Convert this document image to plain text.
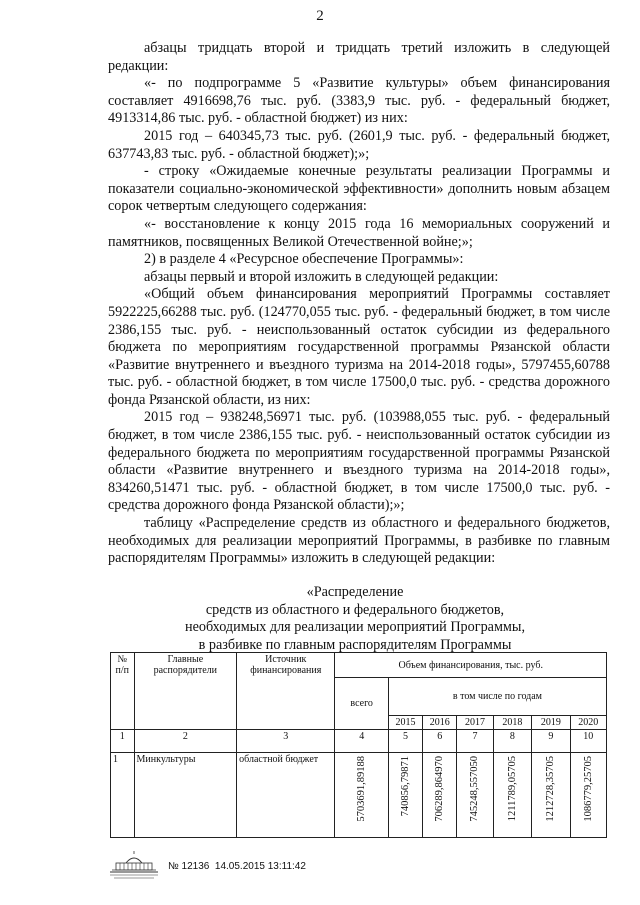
2

абзацы тридцать второй и тридцать третий изложить в следующей редакции:

«- по подпрограмме 5 «Развитие культуры» объем финансирования составляет 4916698,76 тыс. руб. (3383,9 тыс. руб. - федеральный бюджет, 4913314,86 тыс. руб. - областной бюджет) из них:

2015 год – 640345,73 тыс. руб. (2601,9 тыс. руб. - федеральный бюджет, 637743,83 тыс. руб. - областной бюджет);»;

- строку «Ожидаемые конечные результаты реализации Программы и показатели социально-экономической эффективности» дополнить новым абзацем сорок четвертым следующего содержания:

«- восстановление к концу 2015 года 16 мемориальных сооружений и памятников, посвященных Великой Отечественной войне;»;

2) в разделе 4 «Ресурсное обеспечение Программы»:

абзацы первый и второй изложить в следующей редакции:

«Общий объем финансирования мероприятий Программы составляет 5922225,66288 тыс. руб. (124770,055 тыс. руб. - федеральный бюджет, в том числе 2386,155 тыс. руб. - неиспользованный остаток субсидии из федерального бюджета по мероприятиям государственной программы Рязанской области «Развитие внутреннего и въездного туризма на 2014-2018 годы», 5797455,60788 тыс. руб. - областной бюджет, в том числе 17500,0 тыс. руб. - средства дорожного фонда Рязанской области, из них:

2015 год – 938248,56971 тыс. руб. (103988,055 тыс. руб. - федеральный бюджет, в том числе 2386,155 тыс. руб. - неиспользованный остаток субсидии из федерального бюджета по мероприятиям государственной программы Рязанской области «Развитие внутреннего и въездного туризма на 2014-2018 годы», 834260,51471 тыс. руб. - областной бюджет, в том числе 17500,0 тыс. руб. - средства дорожного фонда Рязанской области);»;

таблицу «Распределение средств из областного и федерального бюджетов, необходимых для реализации мероприятий Программы, в разбивке по главным распорядителям Программы» изложить в следующей редакции:

«Распределение
средств из областного и федерального бюджетов,
необходимых для реализации мероприятий Программы,
в разбивке по главным распорядителям Программы
№ п/п	Главные распорядители	Источник финансирования	Объем финансирования, тыс. руб.						
			всего	в том числе по годам					
				2015	2016	2017	2018	2019	2020
1	2	3	4	5	6	7	8	9	10
1	Минкультуры	областной бюджет	5703691,89188	740856,79871	706289,864970	745248,557050	1211789,05705	1212728,35705	1086779,25705
№ 12136 14.05.2015 13:11:42
